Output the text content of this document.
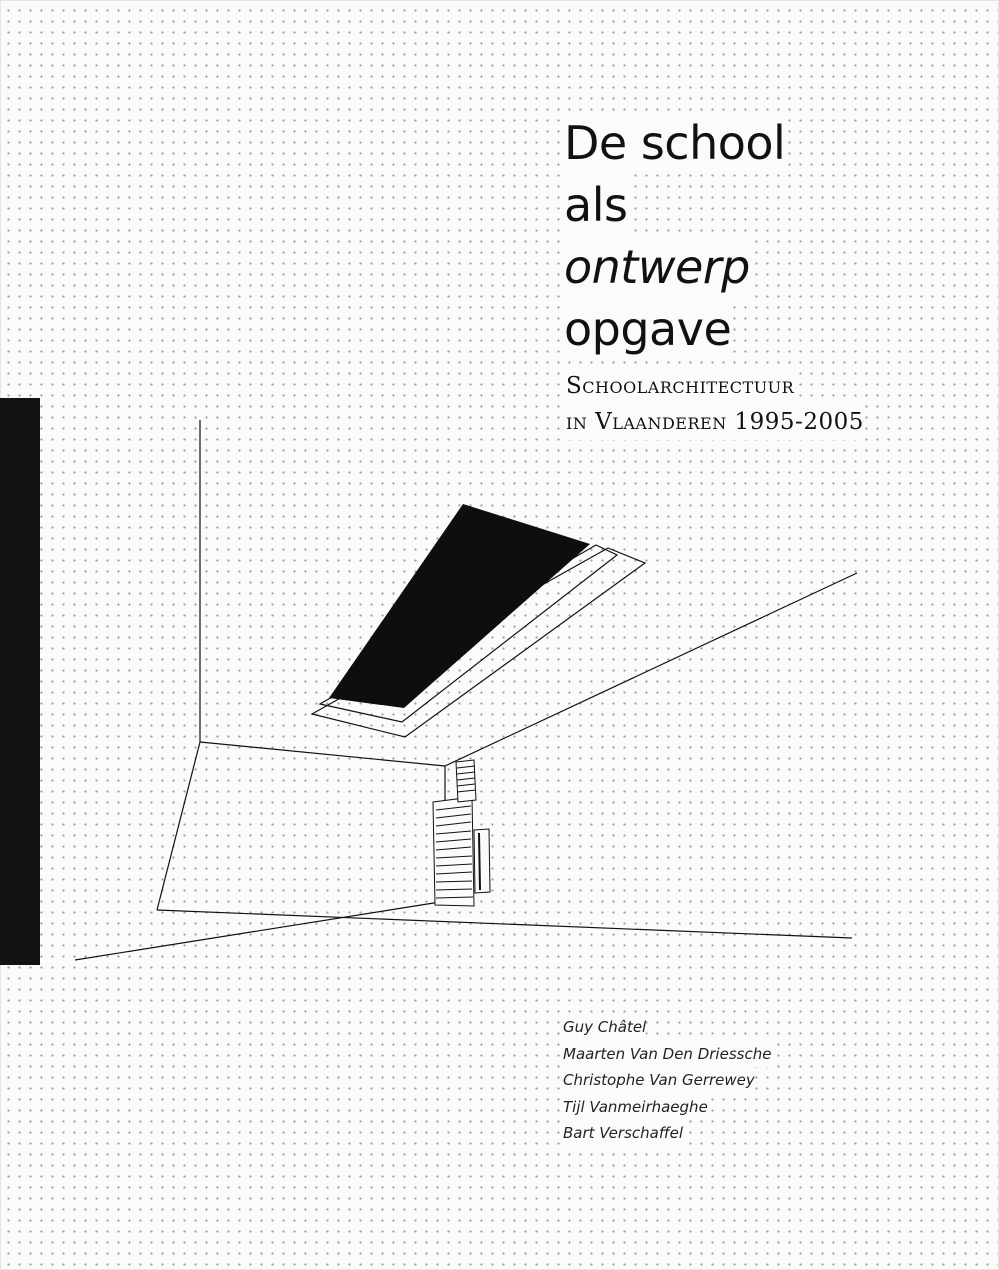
De school
als
ontwerp
opgave
Schoolarchitectuur
in Vlaanderen 1995-2005
Guy Châtel
Maarten Van Den Driessche
Christophe Van Gerrewey
Tijl Vanmeirhaeghe
Bart Verschaffel
